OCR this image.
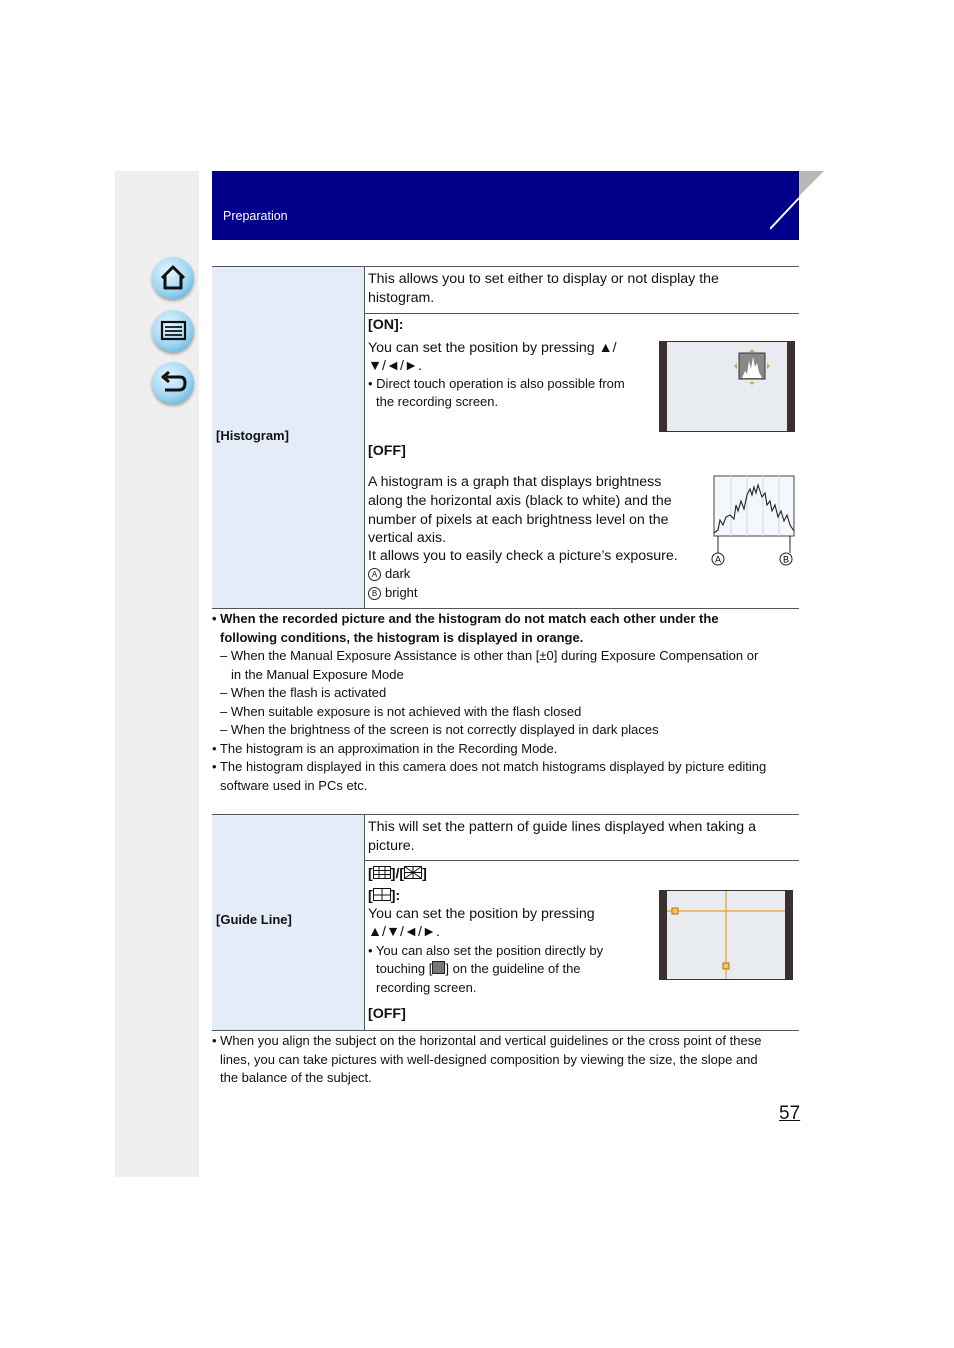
Preparation
[Histogram]
This allows you to set either to display or not display the histogram.
[ON]:
You can set the position by pressing ▲/
▼/◄/►.
• Direct touch operation is also possible from
the recording screen.
[OFF]
A histogram is a graph that displays brightness
along the horizontal axis (black to white) and the
number of pixels at each brightness level on the
vertical axis.
It allows you to easily check a picture’s exposure.
A dark
B bright
A	B
• When the recorded picture and the histogram do not match each other under the
following conditions, the histogram is displayed in orange.
– When the Manual Exposure Assistance is other than [±0] during Exposure Compensation or
in the Manual Exposure Mode
– When the flash is activated
– When suitable exposure is not achieved with the flash closed
– When the brightness of the screen is not correctly displayed in dark places
• The histogram is an approximation in the Recording Mode.
• The histogram displayed in this camera does not match histograms displayed by picture editing
software used in PCs etc.
[Guide Line]
This will set the pattern of guide lines displayed when taking a
picture.
[ ]/[ ]
[ ]:
You can set the position by pressing
▲/▼/◄/►.
• You can also set the position directly by
touching [ ] on the guideline of the
recording screen.
[OFF]
• When you align the subject on the horizontal and vertical guidelines or the cross point of these
lines, you can take pictures with well-designed composition by viewing the size, the slope and
the balance of the subject.
57
